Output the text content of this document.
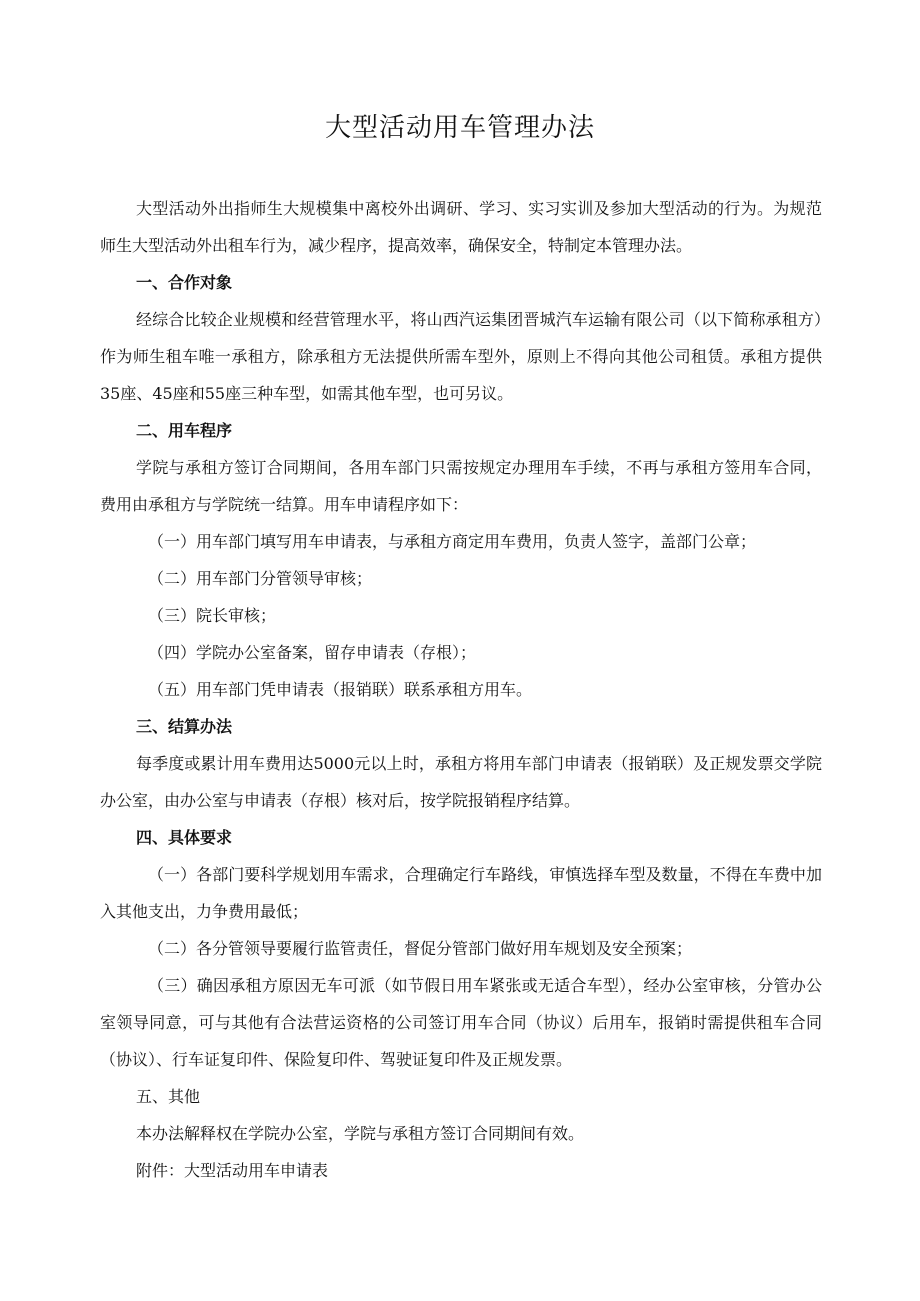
大型活动用车管理办法

大型活动外出指师生大规模集中离校外出调研、学习、实习实训及参加大型活动的行为。为规范师生大型活动外出租车行为，减少程序，提高效率，确保安全，特制定本管理办法。

一、合作对象

经综合比较企业规模和经营管理水平，将山西汽运集团晋城汽车运输有限公司（以下简称承租方）作为师生租车唯一承租方，除承租方无法提供所需车型外，原则上不得向其他公司租赁。承租方提供35座、45座和55座三种车型，如需其他车型，也可另议。

二、用车程序

学院与承租方签订合同期间，各用车部门只需按规定办理用车手续，不再与承租方签用车合同，费用由承租方与学院统一结算。用车申请程序如下：

（一）用车部门填写用车申请表，与承租方商定用车费用，负责人签字，盖部门公章；

（二）用车部门分管领导审核；

（三）院长审核；

（四）学院办公室备案，留存申请表（存根）；

（五）用车部门凭申请表（报销联）联系承租方用车。

三、结算办法

每季度或累计用车费用达5000元以上时，承租方将用车部门申请表（报销联）及正规发票交学院办公室，由办公室与申请表（存根）核对后，按学院报销程序结算。

四、具体要求

（一）各部门要科学规划用车需求，合理确定行车路线，审慎选择车型及数量，不得在车费中加入其他支出，力争费用最低；

（二）各分管领导要履行监管责任，督促分管部门做好用车规划及安全预案；

（三）确因承租方原因无车可派（如节假日用车紧张或无适合车型），经办公室审核，分管办公室领导同意，可与其他有合法营运资格的公司签订用车合同（协议）后用车，报销时需提供租车合同（协议）、行车证复印件、保险复印件、驾驶证复印件及正规发票。

五、其他

本办法解释权在学院办公室，学院与承租方签订合同期间有效。

附件：大型活动用车申请表
